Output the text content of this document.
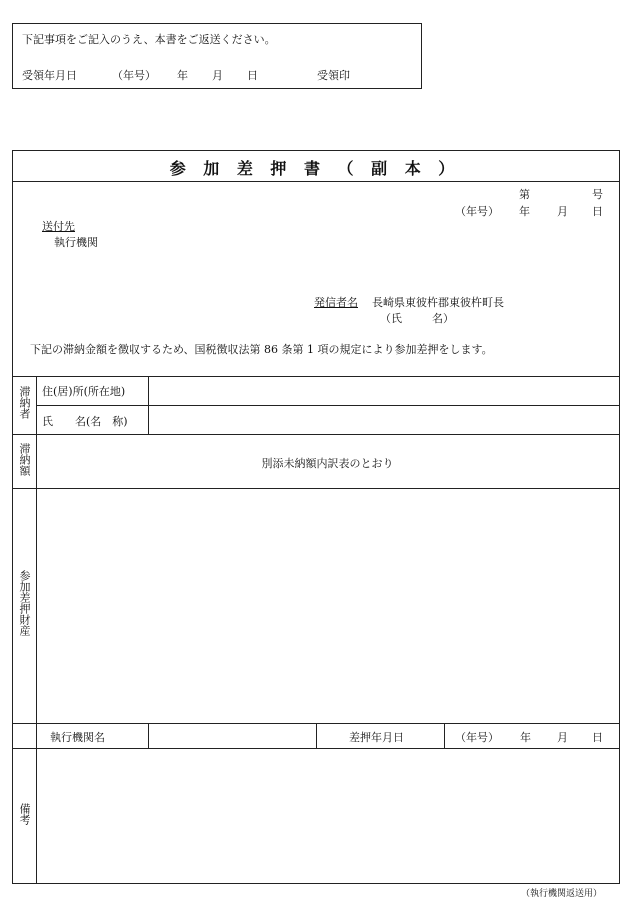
下記事項をご記入のうえ、本書をご返送ください。
受領年月日	（年号） 年 月 日	受領印
参 加 差 押 書 （ 副 本 ）
第	号
（年号） 年 月 日
送付先
執行機関
発信者名 長崎県東彼杵郡東彼杵町長
（氏	名）
下記の滞納金額を徴収するため、国税徴収法第 86 条第 1 項の規定により参加差押をします。
滞納者 住(居)所(所在地)
氏　　名(名　称)
滞納額	別添未納額内訳表のとおり
参加差押財産
執行機関名	差押年月日	（年号） 年 月 日
備考
（執行機関返送用）
